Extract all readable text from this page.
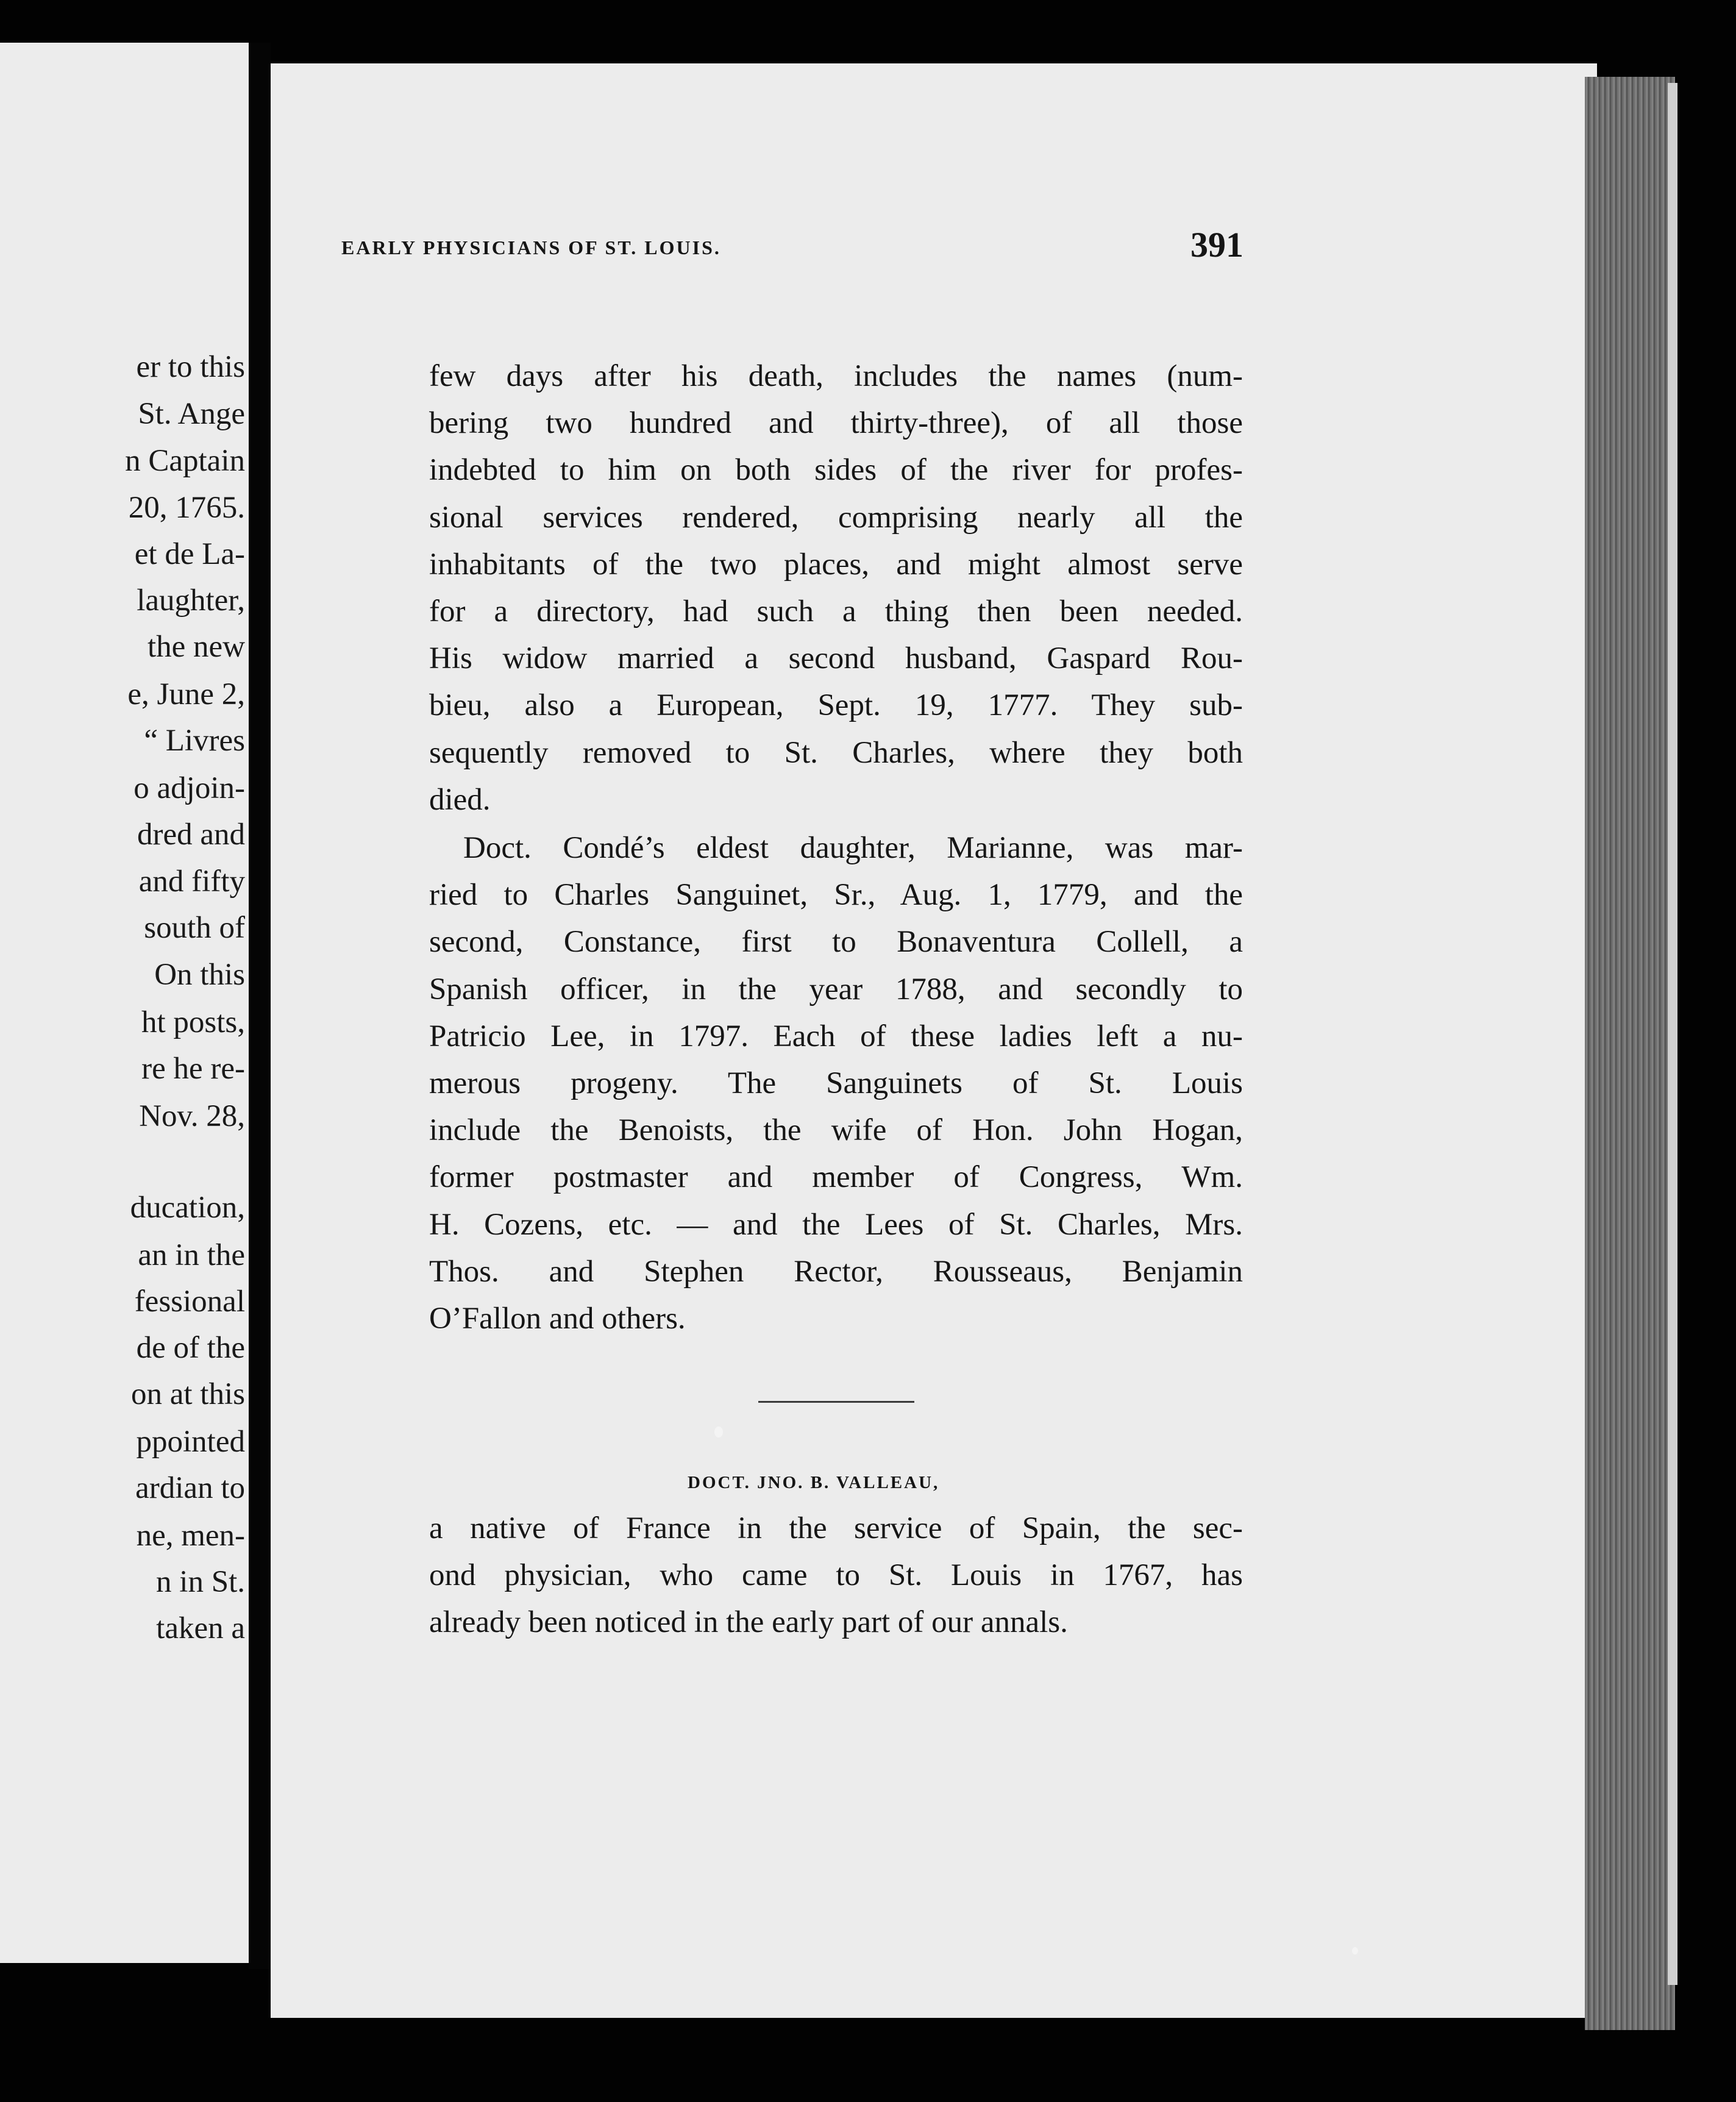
er to this
St. Ange
n Captain
20, 1765.
et de La-
laughter,
the new
e, June 2,
“ Livres
o adjoin-
dred and
and fifty
south of
On this
ht posts,
re he re-
Nov. 28,
ducation,
an in the
fessional
de of the
on at this
ppointed
ardian to
ne, men-
n in St.
taken a
EARLY PHYSICIANS OF ST. LOUIS.	391
few days after his death, includes the names (num-
bering two hundred and thirty-three), of all those
indebted to him on both sides of the river for profes-
sional services rendered, comprising nearly all the
inhabitants of the two places, and might almost serve
for a directory, had such a thing then been needed.
His widow married a second husband, Gaspard Rou-
bieu, also a European, Sept. 19, 1777. They sub-
sequently removed to St. Charles, where they both
died.
Doct. Condé’s eldest daughter, Marianne, was mar-
ried to Charles Sanguinet, Sr., Aug. 1, 1779, and the
second, Constance, first to Bonaventura Collell, a
Spanish officer, in the year 1788, and secondly to
Patricio Lee, in 1797. Each of these ladies left a nu-
merous progeny. The Sanguinets of St. Louis
include the Benoists, the wife of Hon. John Hogan,
former postmaster and member of Congress, Wm.
H. Cozens, etc. — and the Lees of St. Charles, Mrs.
Thos. and Stephen Rector, Rousseaus, Benjamin
O’Fallon and others.
a native of France in the service of Spain, the sec-
ond physician, who came to St. Louis in 1767, has
already been noticed in the early part of our annals.
DOCT. JNO. B. VALLEAU,
